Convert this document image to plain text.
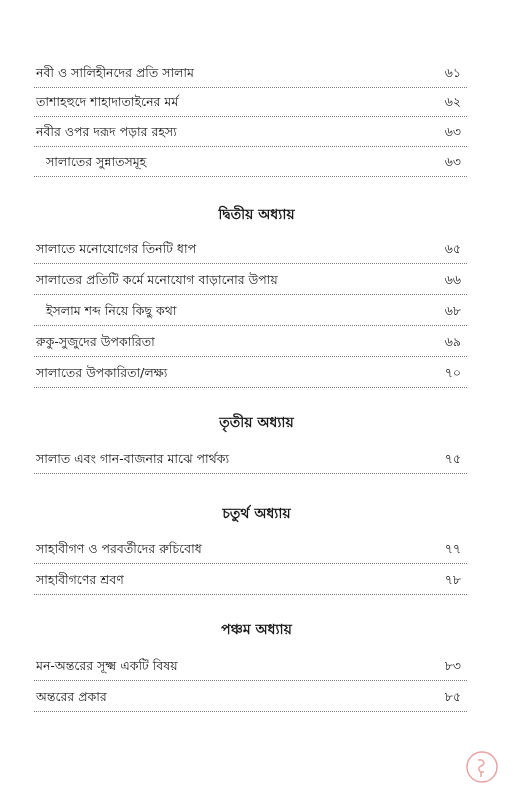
নবী ও সালিহীনদের প্রতি সালাম	৬১
তাশাহহুদে শাহাদাতাইনের মর্ম	৬২
নবীর ওপর দরূদ পড়ার রহস্য	৬৩
সালাতের সুন্নাতসমূহ	৬৩
দ্বিতীয় অধ্যায়
সালাতে মনোযোগের তিনটি ধাপ	৬৫
সালাতের প্রতিটি কর্মে মনোযোগ বাড়ানোর উপায়	৬৬
ইসলাম শব্দ নিয়ে কিছু কথা	৬৮
রুকু-সুজুদের উপকারিতা	৬৯
সালাতের উপকারিতা/লক্ষ্য	৭০
তৃতীয় অধ্যায়
সালাত এবং গান-বাজনার মাঝে পার্থক্য	৭৫
চতুর্থ অধ্যায়
সাহাবীগণ ও পরবর্তীদের রুচিবোধ	৭৭
সাহাবীগণের শ্রবণ	৭৮
পঞ্চম অধ্যায়
মন-অন্তরের সূক্ষ্ম একটি বিষয়	৮৩
অন্তরের প্রকার	৮৫
